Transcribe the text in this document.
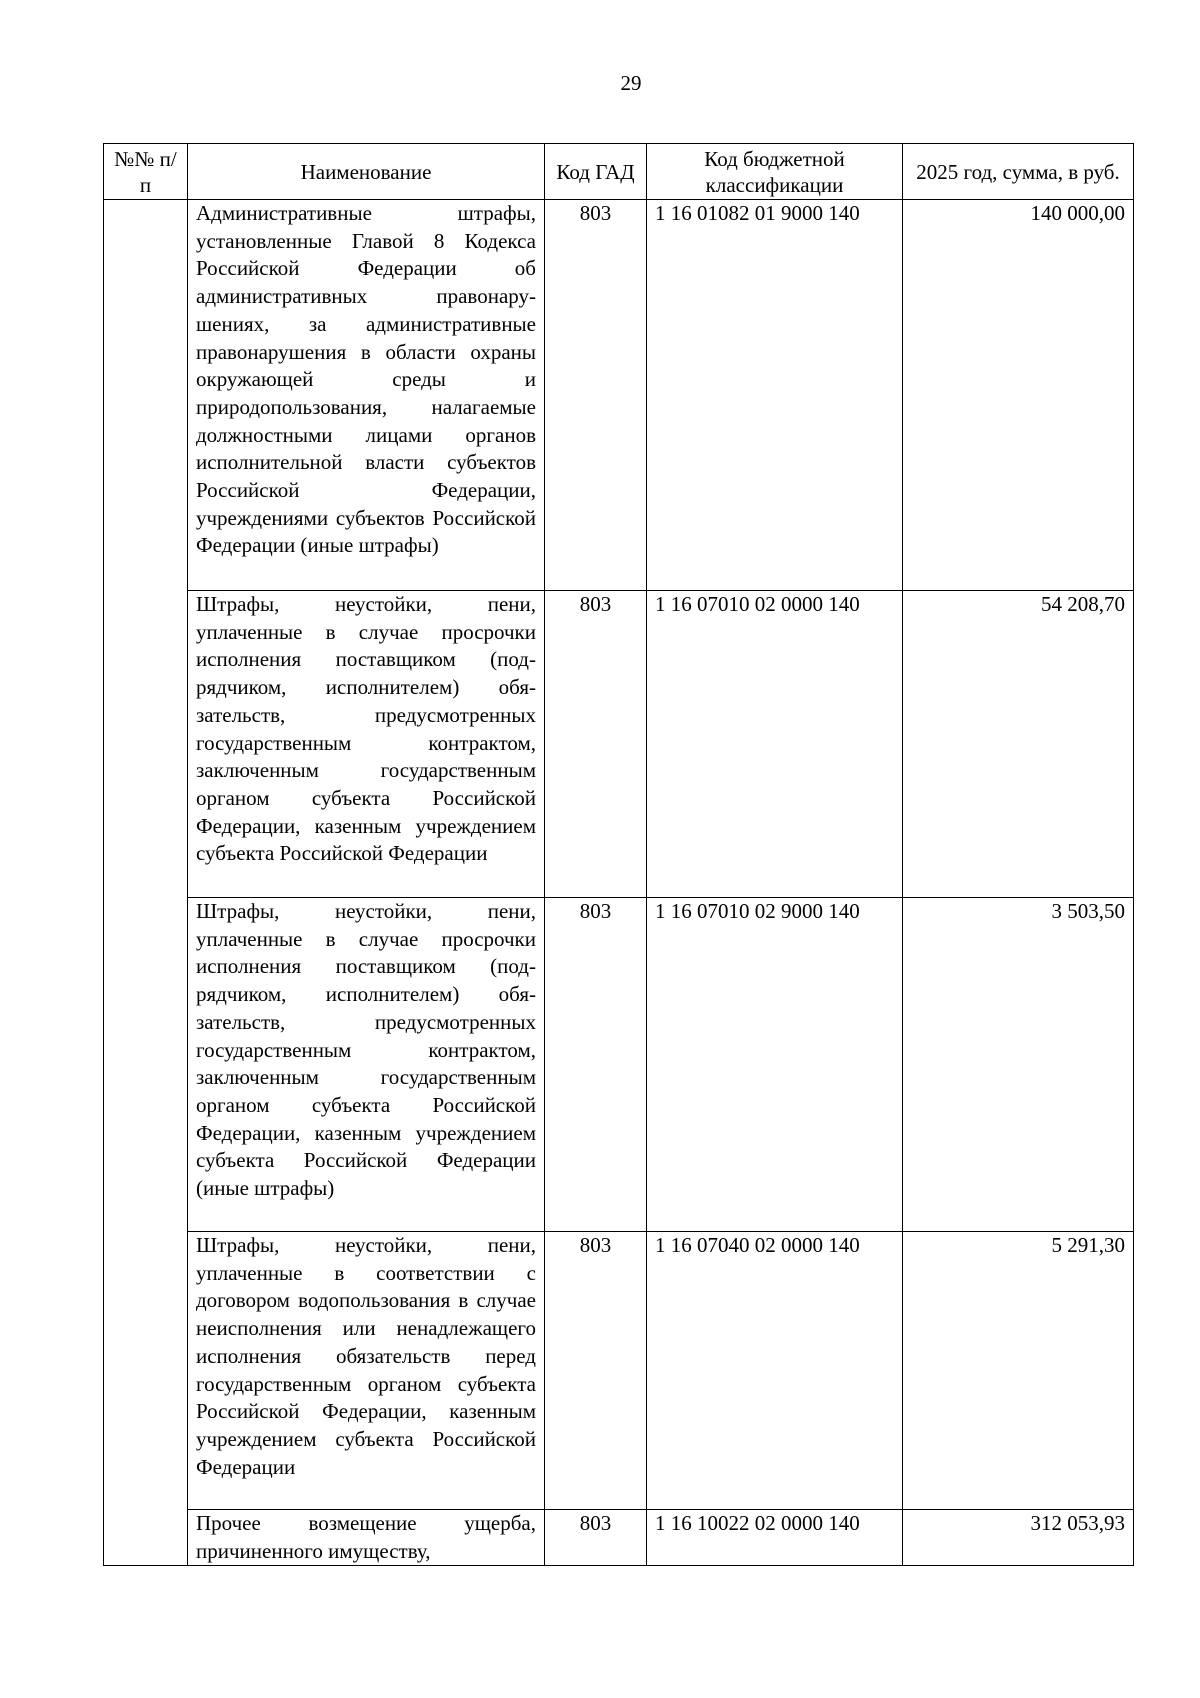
29
№№ п/п	Наименование	Код ГАД	Код бюджетной классификации	2025 год, сумма, в руб.
	Административные штрафы, установленные Главой 8 Кодекса Российской Федерации об административных правонарушениях, за административные правонарушения в области охраны окружающей среды и природопользования, налагаемые должностными лицами органов исполнительной власти субъектов Российской Федерации, учреждениями субъектов Российской Федерации (иные штрафы)	803	1 16 01082 01 9000 140	140 000,00
	Штрафы, неустойки, пени, уплаченные в случае просрочки исполнения поставщиком (подрядчиком, исполнителем) обязательств, предусмотренных государственным контрактом, заключенным государственным органом субъекта Российской Федерации, казенным учреждением субъекта Российской Федерации	803	1 16 07010 02 0000 140	54 208,70
	Штрафы, неустойки, пени, уплаченные в случае просрочки исполнения поставщиком (подрядчиком, исполнителем) обязательств, предусмотренных государственным контрактом, заключенным государственным органом субъекта Российской Федерации, казенным учреждением субъекта Российской Федерации (иные штрафы)	803	1 16 07010 02 9000 140	3 503,50
	Штрафы, неустойки, пени, уплаченные в соответствии с договором водопользования в случае неисполнения или ненадлежащего исполнения обязательств перед государственным органом субъекта Российской Федерации, казенным учреждением субъекта Российской Федерации	803	1 16 07040 02 0000 140	5 291,30
	Прочее возмещение ущерба, причиненного имуществу,	803	1 16 10022 02 0000 140	312 053,93
